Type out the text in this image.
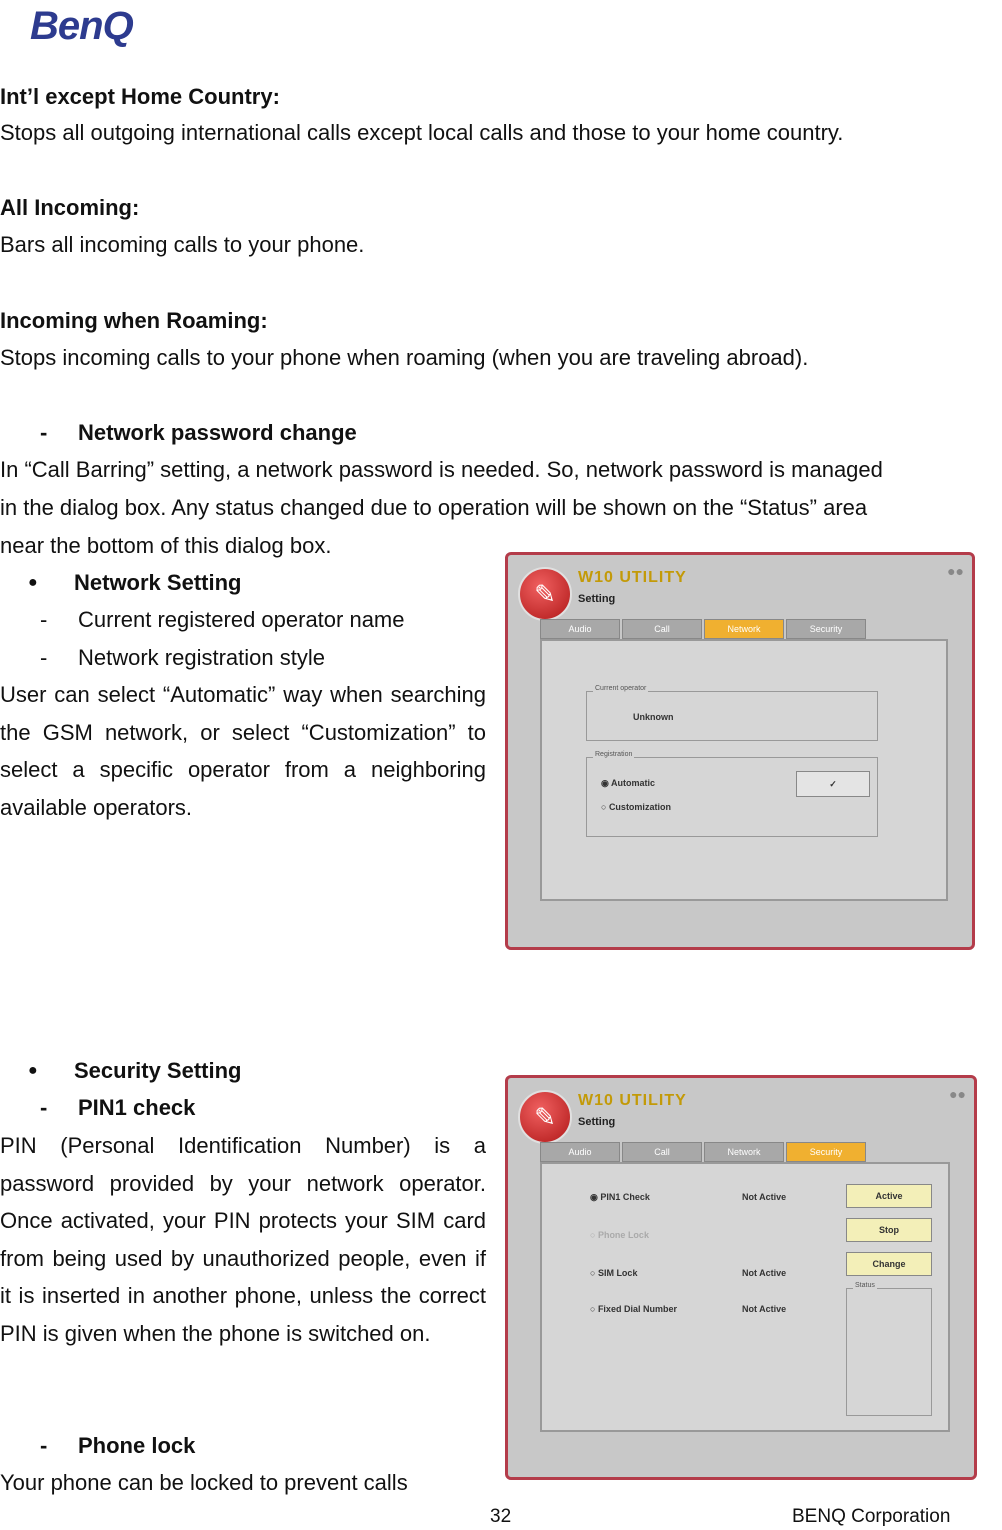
BenQ
Int’l except Home Country:
Stops all outgoing international calls except local calls and those to your home country.
All Incoming:
Bars all incoming calls to your phone.
Incoming when Roaming:
Stops incoming calls to your phone when roaming (when you are traveling abroad).
- Network password change
In “Call Barring” setting, a network password is needed. So, network password is managed
in the dialog box. Any status changed due to operation will be shown on the “Status” area
near the bottom of this dialog box.
● Network Setting
- Current registered operator name
- Network registration style
User can select “Automatic” way when searching the GSM network, or select “Customization” to select a specific operator from a neighboring available operators.
✎
W10 UTILITY
Setting
●●
Audio	Call	Network	Security
Current operator
Unknown
Registration
◉ Automatic
○ Customization
✓
● Security Setting
- PIN1 check
PIN (Personal Identification Number) is a password provided by your network operator. Once activated, your PIN protects your SIM card from being used by unauthorized people, even if it is inserted in another phone, unless the correct PIN is given when the phone is switched on.
- Phone lock
Your phone can be locked to prevent calls
✎
W10 UTILITY
Setting
●●
Audio	Call	Network	Security
◉ PIN1 Check	Not Active
○ Phone Lock
○ SIM Lock	Not Active
○ Fixed Dial Number	Not Active
Active
Stop
Change
Status
32	BENQ Corporation
